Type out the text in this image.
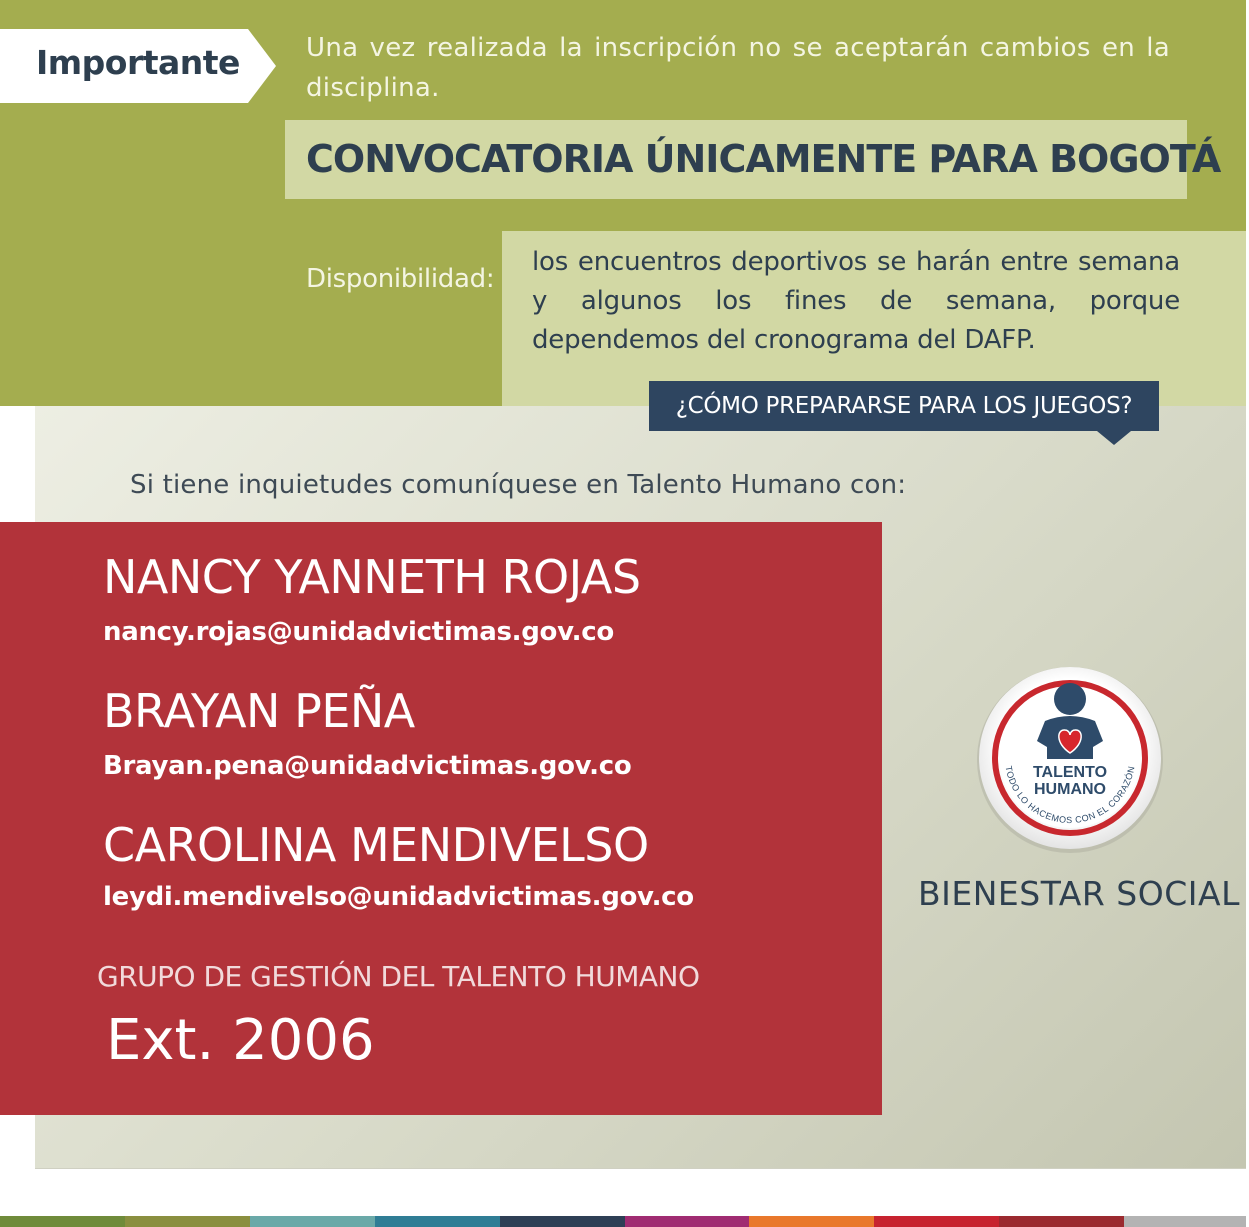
Importante	Una vez realizada la inscripción no se aceptarán cambios en la disciplina.
CONVOCATORIA ÚNICAMENTE PARA BOGOTÁ
Disponibilidad:
los encuentros deportivos se harán entre semana y algunos los fines de semana, porque dependemos del cronograma del DAFP.
¿CÓMO PREPARARSE PARA LOS JUEGOS?
Si tiene inquietudes comuníquese en Talento Humano con:
NANCY YANNETH ROJAS
nancy.rojas@unidadvictimas.gov.co
BRAYAN PEÑA
Brayan.pena@unidadvictimas.gov.co
CAROLINA MENDIVELSO
leydi.mendivelso@unidadvictimas.gov.co
GRUPO DE GESTIÓN DEL TALENTO HUMANO
Ext. 2006
TALENTO
HUMANO
TODO LO HACEMOS CON EL CORAZÓN
BIENESTAR SOCIAL
